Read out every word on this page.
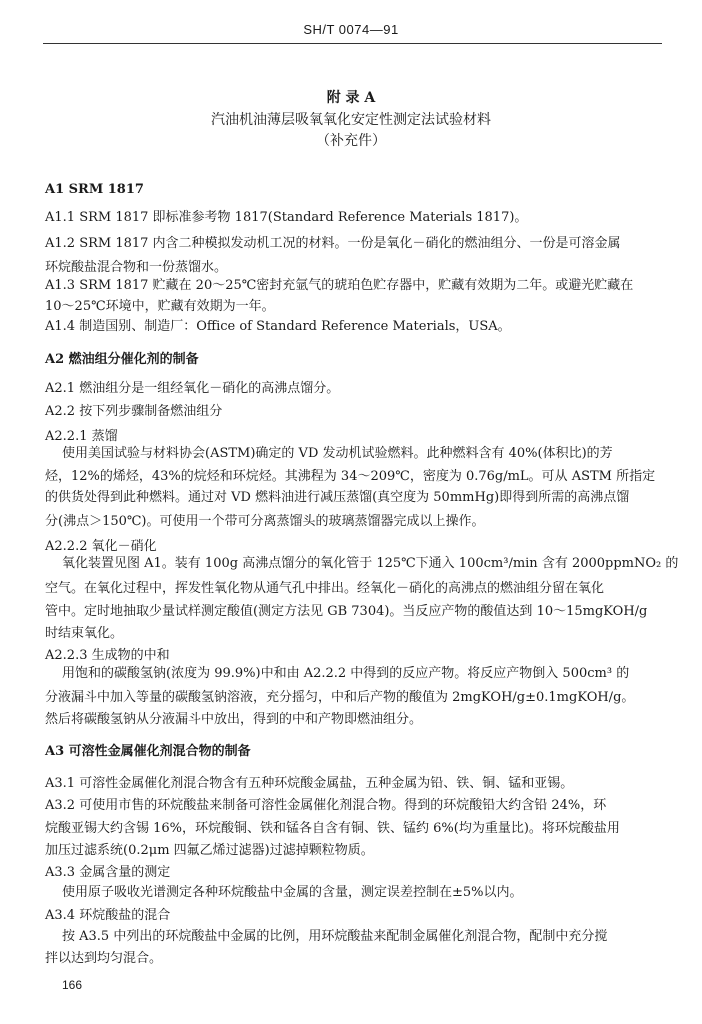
SH/T 0074—91
附 录 A
汽油机油薄层吸氧氧化安定性测定法试验材料
（补充件）
A1 SRM 1817
A1.1 SRM 1817 即标准参考物 1817(Standard Reference Materials 1817)。
A1.2 SRM 1817 内含二种模拟发动机工况的材料。一份是氧化－硝化的燃油组分、一份是可溶金属
环烷酸盐混合物和一份蒸馏水。
A1.3 SRM 1817 贮藏在 20～25℃密封充氩气的琥珀色贮存器中，贮藏有效期为二年。或避光贮藏在
10～25℃环境中，贮藏有效期为一年。
A1.4 制造国别、制造厂：Office of Standard Reference Materials，USA。
A2 燃油组分催化剂的制备
A2.1 燃油组分是一组经氧化－硝化的高沸点馏分。
A2.2 按下列步骤制备燃油组分
A2.2.1 蒸馏
使用美国试验与材料协会(ASTM)确定的 VD 发动机试验燃料。此种燃料含有 40%(体积比)的芳
烃，12%的烯烃，43%的烷烃和环烷烃。其沸程为 34～209℃，密度为 0.76g/mL。可从 ASTM 所指定
的供货处得到此种燃料。通过对 VD 燃料油进行减压蒸馏(真空度为 50mmHg)即得到所需的高沸点馏
分(沸点＞150℃)。可使用一个带可分离蒸馏头的玻璃蒸馏器完成以上操作。
A2.2.2 氧化－硝化
氧化装置见图 A1。装有 100g 高沸点馏分的氧化管于 125℃下通入 100cm³/min 含有 2000ppmNO₂ 的
空气。在氧化过程中，挥发性氧化物从通气孔中排出。经氧化－硝化的高沸点的燃油组分留在氧化
管中。定时地抽取少量试样测定酸值(测定方法见 GB 7304)。当反应产物的酸值达到 10～15mgKOH/g
时结束氧化。
A2.2.3 生成物的中和
用饱和的碳酸氢钠(浓度为 99.9%)中和由 A2.2.2 中得到的反应产物。将反应产物倒入 500cm³ 的
分液漏斗中加入等量的碳酸氢钠溶液，充分摇匀，中和后产物的酸值为 2mgKOH/g±0.1mgKOH/g。
然后将碳酸氢钠从分液漏斗中放出，得到的中和产物即燃油组分。
A3 可溶性金属催化剂混合物的制备
A3.1 可溶性金属催化剂混合物含有五种环烷酸金属盐，五种金属为铅、铁、铜、锰和亚锡。
A3.2 可使用市售的环烷酸盐来制备可溶性金属催化剂混合物。得到的环烷酸铅大约含铅 24%，环
烷酸亚锡大约含锡 16%，环烷酸铜、铁和锰各自含有铜、铁、锰约 6%(均为重量比)。将环烷酸盐用
加压过滤系统(0.2μm 四氟乙烯过滤器)过滤掉颗粒物质。
A3.3 金属含量的测定
使用原子吸收光谱测定各种环烷酸盐中金属的含量，测定误差控制在±5%以内。
A3.4 环烷酸盐的混合
按 A3.5 中列出的环烷酸盐中金属的比例，用环烷酸盐来配制金属催化剂混合物，配制中充分搅
拌以达到均匀混合。
166
